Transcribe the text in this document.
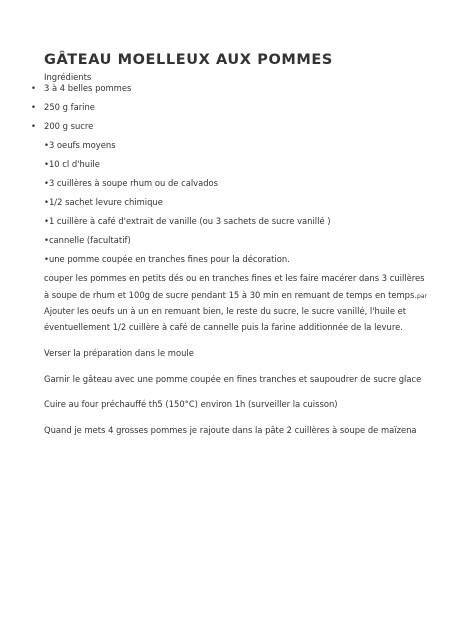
GÂTEAU MOELLEUX AUX POMMES
Ingrédients
• 3 à 4 belles pommes
• 250 g farine
• 200 g sucre
•3 oeufs moyens
•10 cl d'huile
•3 cuillères à soupe rhum ou de calvados
•1/2 sachet levure chimique
•1 cuillère à café d'extrait de vanille (ou 3 sachets de sucre vanillé )
•cannelle (facultatif)
•une pomme coupée en tranches fines pour la décoration.
couper les pommes en petits dés ou en tranches fines et les faire macérer dans 3 cuillères
à soupe de rhum et 100g de sucre pendant 15 à 30 min en remuant de temps en temps.par
Ajouter les oeufs un à un en remuant bien, le reste du sucre, le sucre vanillé, l'huile et
éventuellement 1/2 cuillère à café de cannelle puis la farine additionnée de la levure.
Verser la préparation dans le moule
Garnir le gâteau avec une pomme coupée en fines tranches et saupoudrer de sucre glace
Cuire au four préchauffé th5 (150°C) environ 1h (surveiller la cuisson)
Quand je mets 4 grosses pommes je rajoute dans la pâte 2 cuillères à soupe de maïzena
